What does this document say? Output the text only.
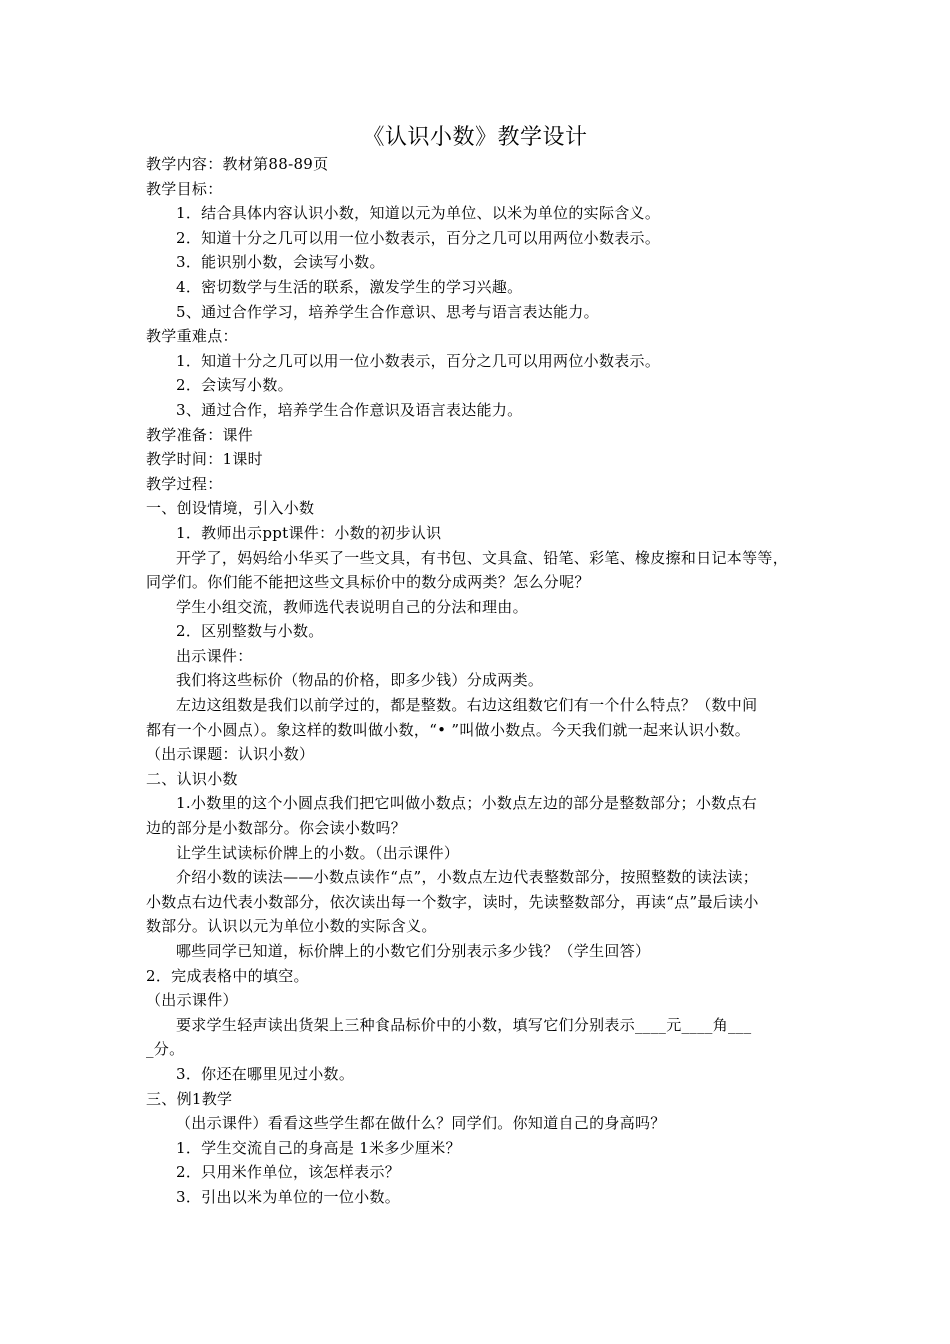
《认识小数》教学设计
教学内容：教材第88-89页
教学目标：
1．结合具体内容认识小数，知道以元为单位、以米为单位的实际含义。
2．知道十分之几可以用一位小数表示，百分之几可以用两位小数表示。
3．能识别小数，会读写小数。
4．密切数学与生活的联系，激发学生的学习兴趣。
5、通过合作学习，培养学生合作意识、思考与语言表达能力。
教学重难点：
1．知道十分之几可以用一位小数表示，百分之几可以用两位小数表示。
2．会读写小数。
3、通过合作，培养学生合作意识及语言表达能力。
教学准备：课件
教学时间：1课时
教学过程：
一、创设情境，引入小数
1．教师出示ppt课件：小数的初步认识
开学了，妈妈给小华买了一些文具，有书包、文具盒、铅笔、彩笔、橡皮擦和日记本等等，
同学们。你们能不能把这些文具标价中的数分成两类？怎么分呢？
学生小组交流，教师选代表说明自己的分法和理由。
2．区别整数与小数。
出示课件：
我们将这些标价（物品的价格，即多少钱）分成两类。
左边这组数是我们以前学过的，都是整数。右边这组数它们有一个什么特点？（数中间
都有一个小圆点）。象这样的数叫做小数，“• ”叫做小数点。今天我们就一起来认识小数。
（出示课题：认识小数）
二、认识小数
1.小数里的这个小圆点我们把它叫做小数点；小数点左边的部分是整数部分；小数点右
边的部分是小数部分。你会读小数吗？
让学生试读标价牌上的小数。（出示课件）
介绍小数的读法——小数点读作“点”，小数点左边代表整数部分，按照整数的读法读；
小数点右边代表小数部分，依次读出每一个数字，读时，先读整数部分，再读“点”最后读小
数部分。认识以元为单位小数的实际含义。
哪些同学已知道，标价牌上的小数它们分别表示多少钱？（学生回答）
2．完成表格中的填空。
（出示课件）
要求学生轻声读出货架上三种食品标价中的小数，填写它们分别表示____元____角___
_分。
3．你还在哪里见过小数。
三、例1教学
（出示课件）看看这些学生都在做什么？同学们。你知道自己的身高吗？
1．学生交流自己的身高是 1米多少厘米？
2．只用米作单位，该怎样表示？
3．引出以米为单位的一位小数。
